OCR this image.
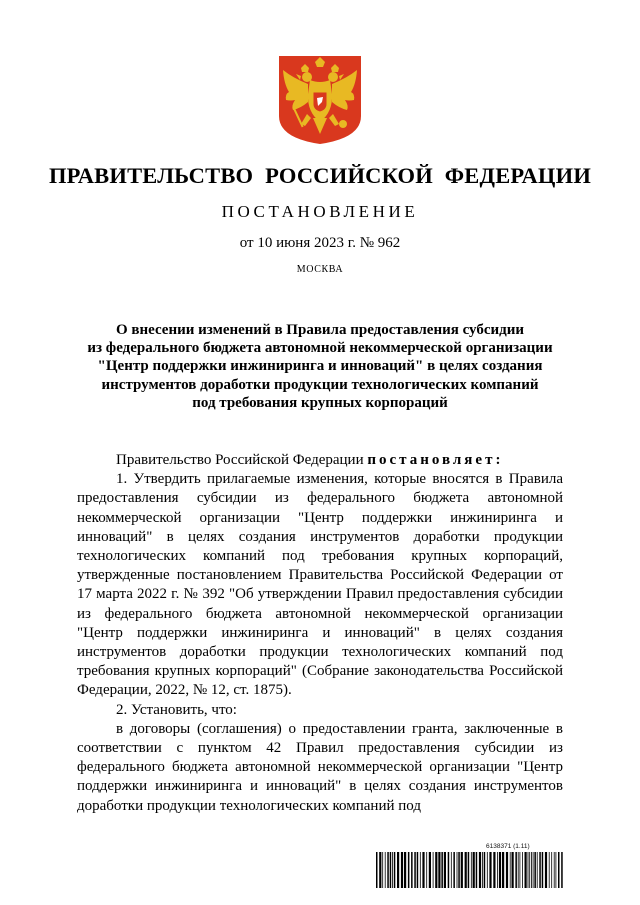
ПРАВИТЕЛЬСТВО РОССИЙСКОЙ ФЕДЕРАЦИИ
ПОСТАНОВЛЕНИЕ
от 10 июня 2023 г. № 962
МОСКВА
О внесении изменений в Правила предоставления субсидии
из федерального бюджета автономной некоммерческой организации
"Центр поддержки инжиниринга и инноваций" в целях создания
инструментов доработки продукции технологических компаний
под требования крупных корпораций

Правительство Российской Федерации постановляет:

1. Утвердить прилагаемые изменения, которые вносятся в Правила предоставления субсидии из федерального бюджета автономной некоммерческой организации "Центр поддержки инжиниринга и инноваций" в целях создания инструментов доработки продукции технологических компаний под требования крупных корпораций, утвержденные постановлением Правительства Российской Федерации от 17 марта 2022 г. № 392 "Об утверждении Правил предоставления субсидии из федерального бюджета автономной некоммерческой организации "Центр поддержки инжиниринга и инноваций" в целях создания инструментов доработки продукции технологических компаний под требования крупных корпораций" (Собрание законодательства Российской Федерации, 2022, № 12, ст. 1875).

2. Установить, что:

в договоры (соглашения) о предоставлении гранта, заключенные в соответствии с пунктом 42 Правил предоставления субсидии из федерального бюджета автономной некоммерческой организации "Центр поддержки инжиниринга и инноваций" в целях создания инструментов доработки продукции технологических компаний под

6138371 (1.11)
